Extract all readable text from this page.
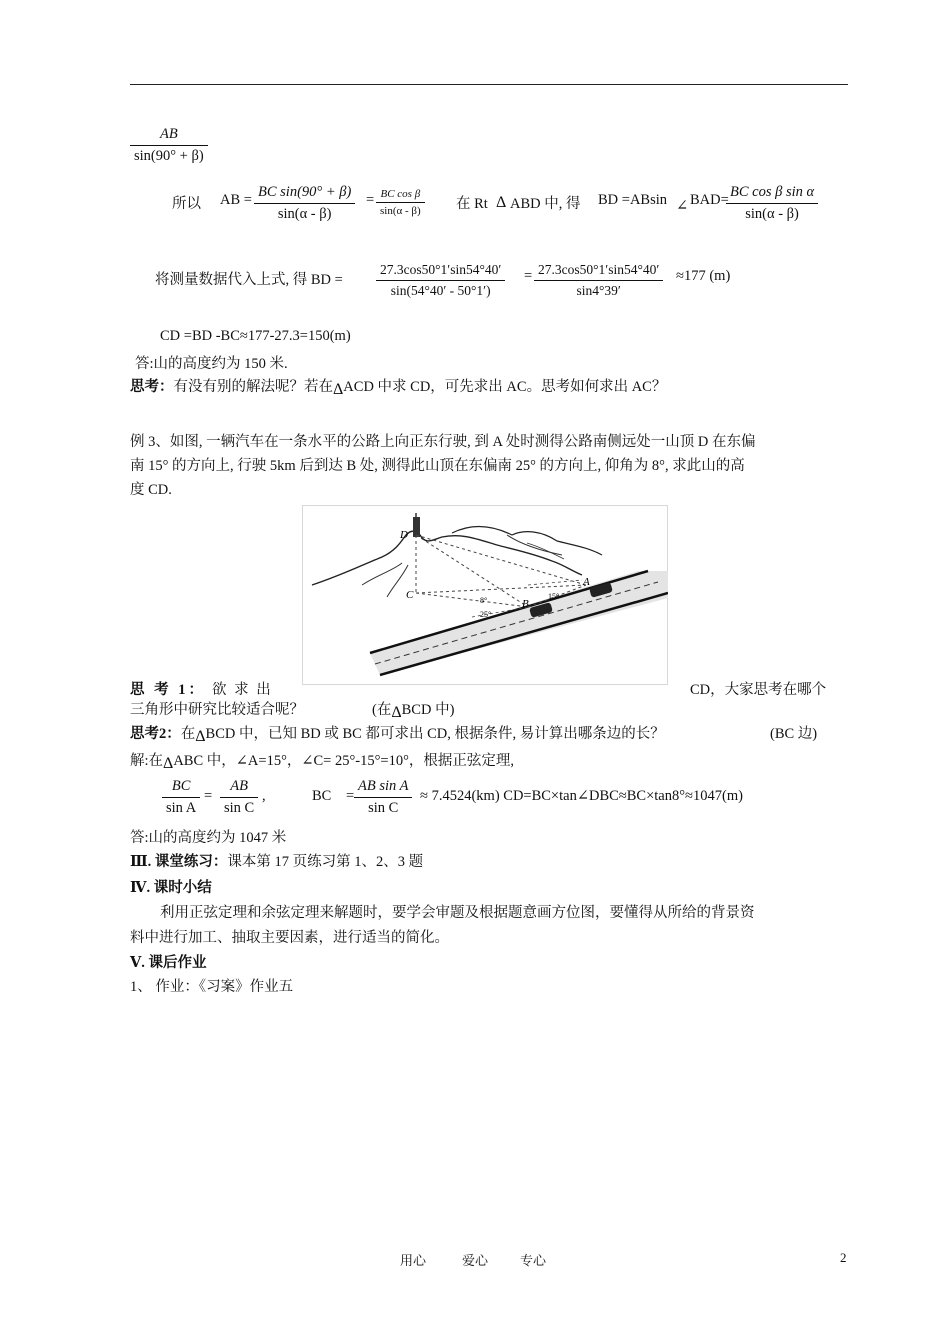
AB
sin(90° + β)
所以 AB = BC sin(90° + β)
sin(α - β)
= BC cos β
sin(α - β) 在 Rt Δ ABD 中, 得 BD =ABsin ∠ BAD= BC cos β sin α
sin(α - β)
将测量数据代入上式, 得 BD =
27.3cos50°1′sin54°40′
sin(54°40′ - 50°1′)
= 27.3cos50°1′sin54°40′
sin4°39′
≈177 (m)
CD =BD -BC≈177-27.3=150(m)
答:山的高度约为 150 米.
思考：有没有别的解法呢？若在ΔACD 中求 CD，可先求出 AC。思考如何求出 AC？
例 3、如图, 一辆汽车在一条水平的公路上向正东行驶, 到 A 处时测得公路南侧远处一山顶 D 在东偏
南 15° 的方向上, 行驶 5km 后到达 B 处, 测得此山顶在东偏南 25° 的方向上, 仰角为 8°, 求此山的高
度 CD.
D
C
A
B
15°
25°
8°
思 考 1： 欲 求 出	CD，大家思考在哪个
三角形中研究比较适合呢？	(在ΔBCD 中)
思考2：在ΔBCD 中，已知 BD 或 BC 都可求出 CD, 根据条件, 易计算出哪条边的长？	(BC 边)
解:在ΔABC 中，∠A=15°，∠C= 25°-15°=10°，根据正弦定理,
BC
sin A
=
AB
sin C
,	BC =
AB sin A
sin C
≈ 7.4524(km) CD=BC×tan∠DBC≈BC×tan8°≈1047(m)
答:山的高度约为 1047 米
Ⅲ. 课堂练习：课本第 17 页练习第 1、2、3 题
Ⅳ. 课时小结
利用正弦定理和余弦定理来解题时，要学会审题及根据题意画方位图，要懂得从所给的背景资
料中进行加工、抽取主要因素，进行适当的简化。
Ⅴ. 课后作业
1、 作业：《习案》作业五
用心	爱心 专心	2
